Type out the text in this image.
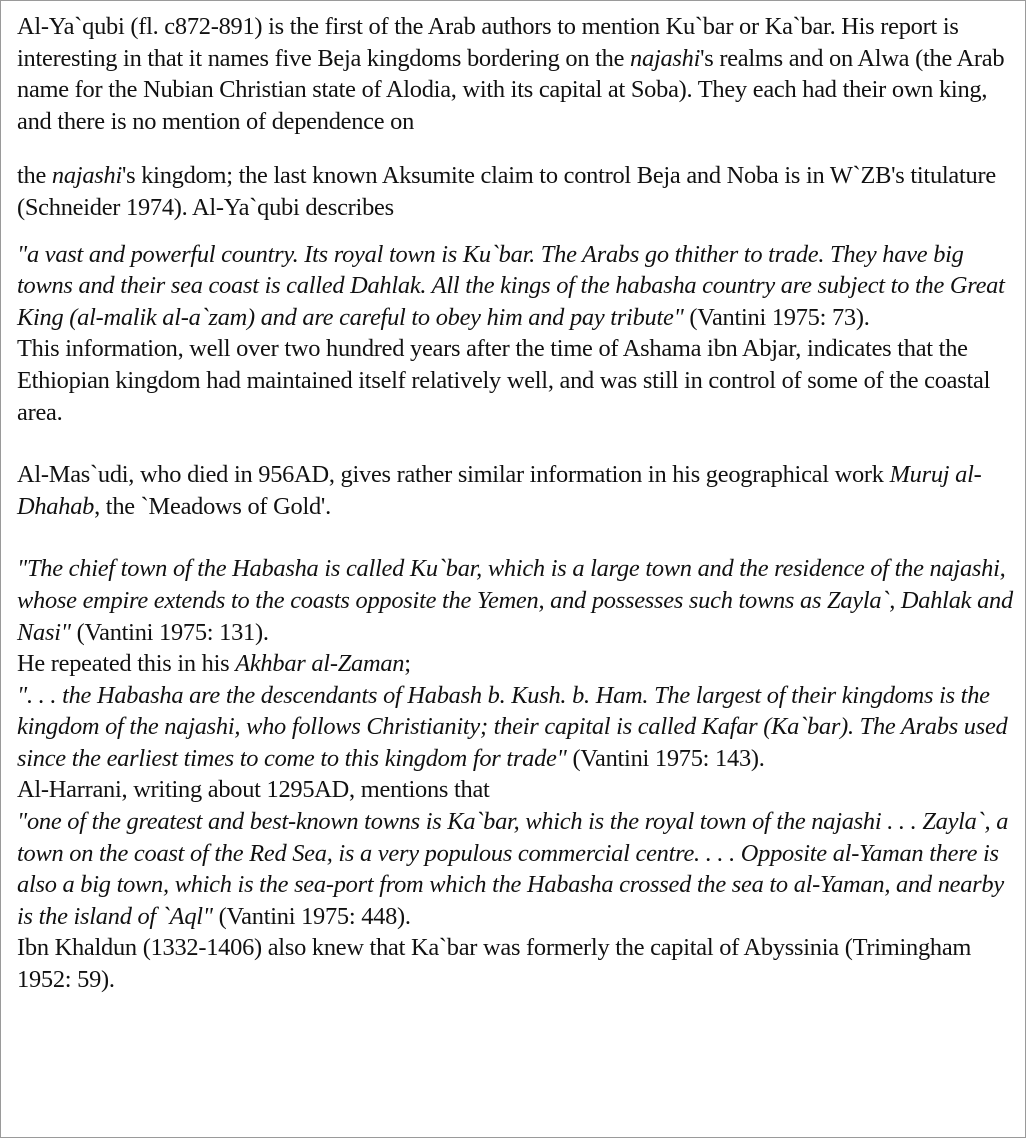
Al-Ya`qubi (fl. c872-891) is the first of the Arab authors to mention Ku`bar or Ka`bar. His report is interesting in that it names five Beja kingdoms bordering on the najashi's realms and on Alwa (the Arab name for the Nubian Christian state of Alodia, with its capital at Soba). They each had their own king, and there is no mention of dependence on

the najashi's kingdom; the last known Aksumite claim to control Beja and Noba is in W`ZB's titulature (Schneider 1974). Al-Ya`qubi describes

"a vast and powerful country. Its royal town is Ku`bar. The Arabs go thither to trade. They have big towns and their sea coast is called Dahlak. All the kings of the habasha country are subject to the Great King (al-malik al-a`zam) and are careful to obey him and pay tribute" (Vantini 1975: 73).

This information, well over two hundred years after the time of Ashama ibn Abjar, indicates that the Ethiopian kingdom had maintained itself relatively well, and was still in control of some of the coastal area.

Al-Mas`udi, who died in 956AD, gives rather similar information in his geographical work Muruj al-Dhahab, the `Meadows of Gold'.

"The chief town of the Habasha is called Ku`bar, which is a large town and the residence of the najashi, whose empire extends to the coasts opposite the Yemen, and possesses such towns as Zayla`, Dahlak and Nasi" (Vantini 1975: 131).

He repeated this in his Akhbar al-Zaman;

". . . the Habasha are the descendants of Habash b. Kush. b. Ham. The largest of their kingdoms is the kingdom of the najashi, who follows Christianity; their capital is called Kafar (Ka`bar). The Arabs used since the earliest times to come to this kingdom for trade" (Vantini 1975: 143).

Al-Harrani, writing about 1295AD, mentions that

"one of the greatest and best-known towns is Ka`bar, which is the royal town of the najashi . . . Zayla`, a town on the coast of the Red Sea, is a very populous commercial centre. . . . Opposite al-Yaman there is also a big town, which is the sea-port from which the Habasha crossed the sea to al-Yaman, and nearby is the island of `Aql" (Vantini 1975: 448).

Ibn Khaldun (1332-1406) also knew that Ka`bar was formerly the capital of Abyssinia (Trimingham 1952: 59).
